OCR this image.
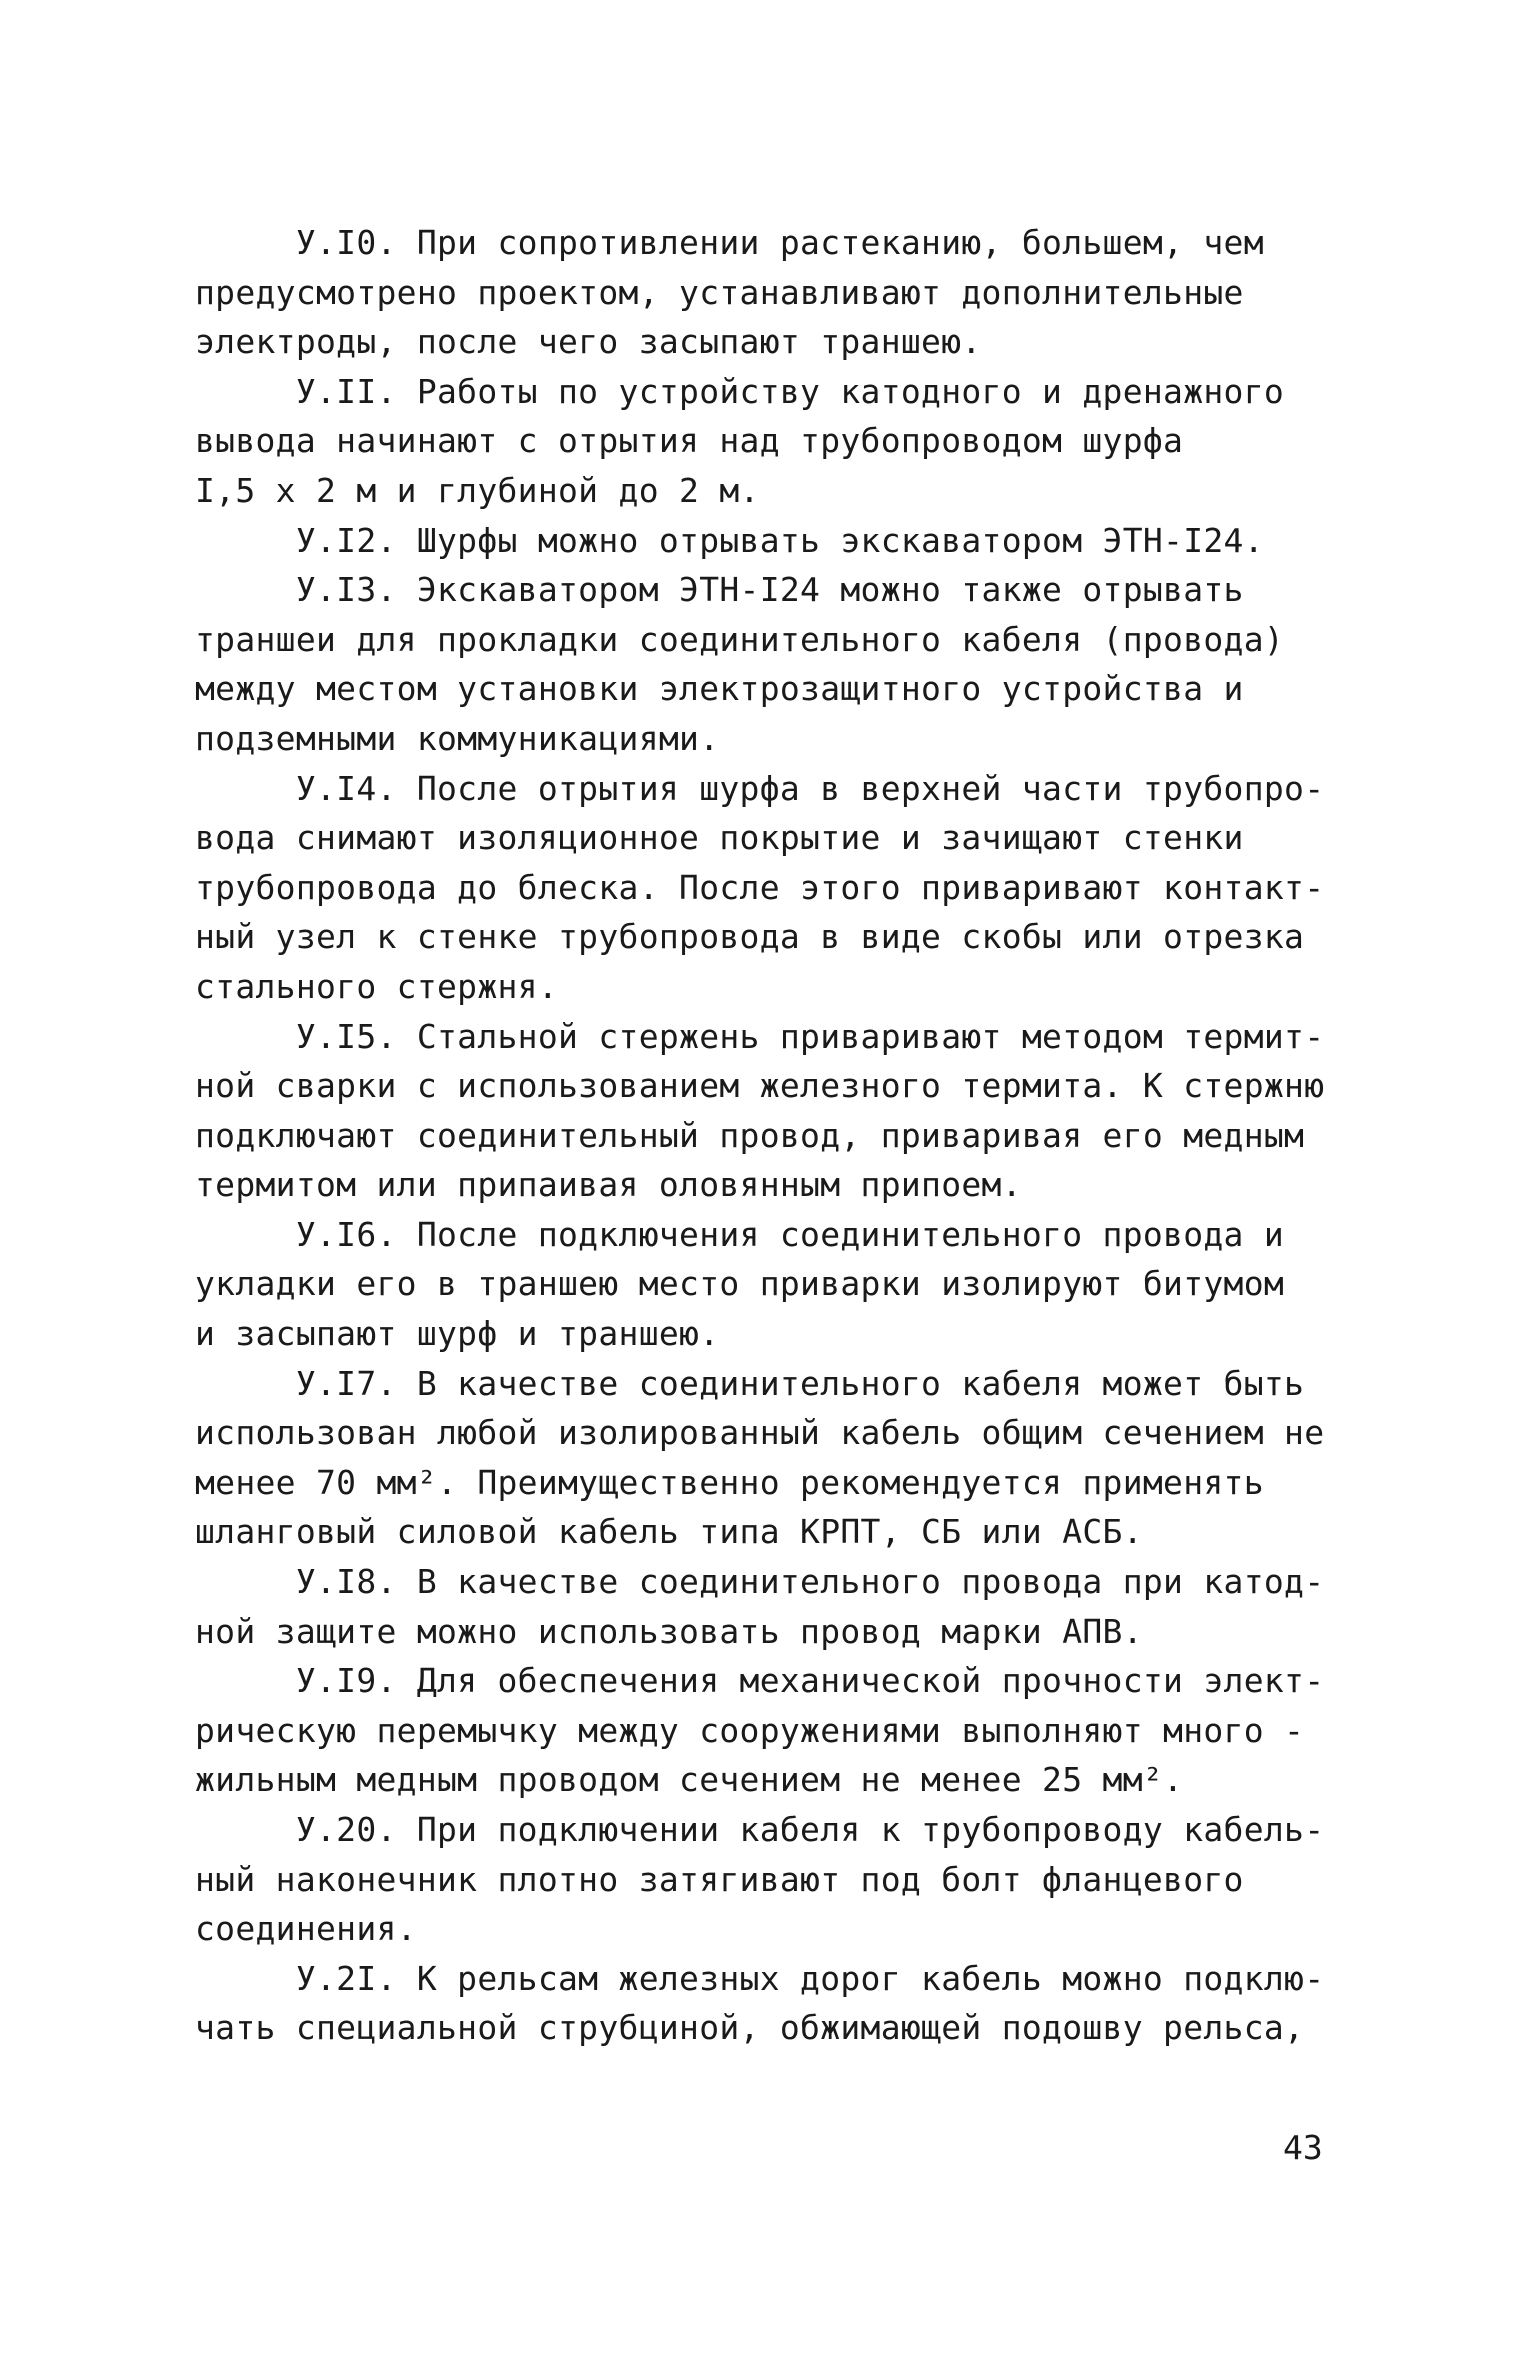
У.I0. При сопротивлении растеканию, большем, чем
предусмотрено проектом, устанавливают дополнительные
электроды, после чего засыпают траншею.
У.II. Работы по устройству катодного и дренажного
вывода начинают с отрытия над трубопроводом шурфа
I,5 х 2 м и глубиной до 2 м.
У.I2. Шурфы можно отрывать экскаватором ЭТН-I24.
У.I3. Экскаватором ЭТН-I24 можно также отрывать
траншеи для прокладки соединительного кабеля (провода)
между местом установки электрозащитного устройства и
подземными коммуникациями.
У.I4. После отрытия шурфа в верхней части трубопро-
вода снимают изоляционное покрытие и зачищают стенки
трубопровода до блеска. После этого приваривают контакт-
ный узел к стенке трубопровода в виде скобы или отрезка
стального стержня.
У.I5. Стальной стержень приваривают методом термит-
ной сварки с использованием железного термита. К стержню
подключают соединительный провод, приваривая его медным
термитом или припаивая оловянным припоем.
У.I6. После подключения соединительного провода и
укладки его в траншею место приварки изолируют битумом
и засыпают шурф и траншею.
У.I7. В качестве соединительного кабеля может быть
использован любой изолированный кабель общим сечением не
менее 70 мм². Преимущественно рекомендуется применять
шланговый силовой кабель типа КРПТ, СБ или АСБ.
У.I8. В качестве соединительного провода при катод-
ной защите можно использовать провод марки АПВ.
У.I9. Для обеспечения механической прочности элект-
рическую перемычку между сооружениями выполняют много -
жильным медным проводом сечением не менее 25 мм².
У.20. При подключении кабеля к трубопроводу кабель-
ный наконечник плотно затягивают под болт фланцевого
соединения.
У.2I. К рельсам железных дорог кабель можно подклю-
чать специальной струбциной, обжимающей подошву рельса,
43
